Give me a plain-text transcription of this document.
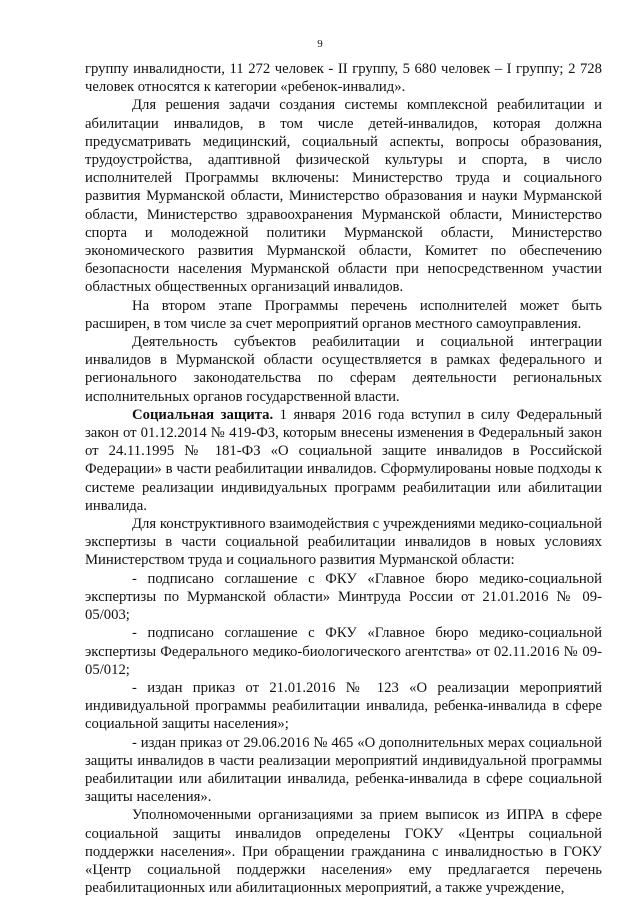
9

группу инвалидности, 11 272 человек - II группу, 5 680 человек – I группу; 2 728 человек относятся к категории «ребенок-инвалид».

Для решения задачи создания системы комплексной реабилитации и абилитации инвалидов, в том числе детей-инвалидов, которая должна предусматривать медицинский, социальный аспекты, вопросы образования, трудоустройства, адаптивной физической культуры и спорта, в число исполнителей Программы включены: Министерство труда и социального развития Мурманской области, Министерство образования и науки Мурманской области, Министерство здравоохранения Мурманской области, Министерство спорта и молодежной политики Мурманской области, Министерство экономического развития Мурманской области, Комитет по обеспечению безопасности населения Мурманской области при непосредственном участии областных общественных организаций инвалидов.

На втором этапе Программы перечень исполнителей может быть расширен, в том числе за счет мероприятий органов местного самоуправления.

Деятельность субъектов реабилитации и социальной интеграции инвалидов в Мурманской области осуществляется в рамках федерального и регионального законодательства по сферам деятельности региональных исполнительных органов государственной власти.

Социальная защита. 1 января 2016 года вступил в силу Федеральный закон от 01.12.2014 № 419-ФЗ, которым внесены изменения в Федеральный закон от 24.11.1995 № 181-ФЗ «О социальной защите инвалидов в Российской Федерации» в части реабилитации инвалидов. Сформулированы новые подходы к системе реализации индивидуальных программ реабилитации или абилитации инвалида.

Для конструктивного взаимодействия с учреждениями медико-социальной экспертизы в части социальной реабилитации инвалидов в новых условиях Министерством труда и социального развития Мурманской области:

- подписано соглашение с ФКУ «Главное бюро медико-социальной экспертизы по Мурманской области» Минтруда России от 21.01.2016 № 09-05/003;

- подписано соглашение с ФКУ «Главное бюро медико-социальной экспертизы Федерального медико-биологического агентства» от 02.11.2016 № 09-05/012;

- издан приказ от 21.01.2016 № 123 «О реализации мероприятий индивидуальной программы реабилитации инвалида, ребенка-инвалида в сфере социальной защиты населения»;

- издан приказ от 29.06.2016 № 465 «О дополнительных мерах социальной защиты инвалидов в части реализации мероприятий индивидуальной программы реабилитации или абилитации инвалида, ребенка-инвалида в сфере социальной защиты населения».

Уполномоченными организациями за прием выписок из ИПРА в сфере социальной защиты инвалидов определены ГОКУ «Центры социальной поддержки населения». При обращении гражданина с инвалидностью в ГОКУ «Центр социальной поддержки населения» ему предлагается перечень реабилитационных или абилитационных мероприятий, а также учреждение,
